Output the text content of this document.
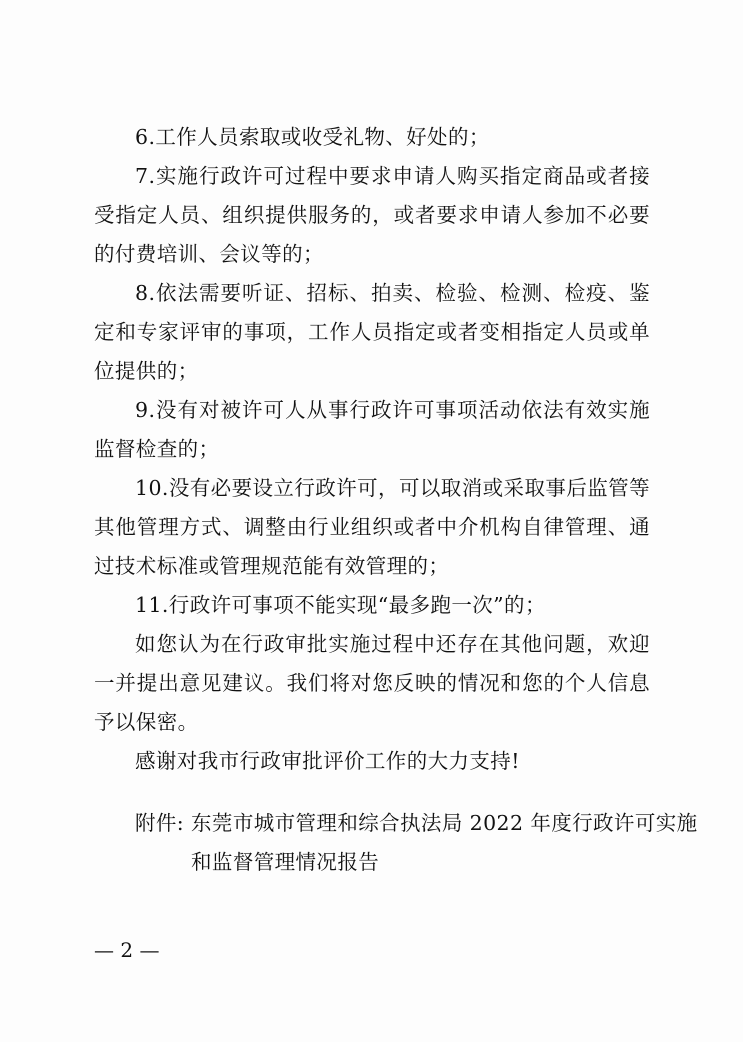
6.工作人员索取或收受礼物、好处的；

7.实施行政许可过程中要求申请人购买指定商品或者接受指定人员、组织提供服务的，或者要求申请人参加不必要的付费培训、会议等的；

8.依法需要听证、招标、拍卖、检验、检测、检疫、鉴定和专家评审的事项，工作人员指定或者变相指定人员或单位提供的；

9.没有对被许可人从事行政许可事项活动依法有效实施监督检查的；

10.没有必要设立行政许可，可以取消或采取事后监管等其他管理方式、调整由行业组织或者中介机构自律管理、通过技术标准或管理规范能有效管理的；

11.行政许可事项不能实现“最多跑一次”的；

如您认为在行政审批实施过程中还存在其他问题，欢迎一并提出意见建议。我们将对您反映的情况和您的个人信息予以保密。

感谢对我市行政审批评价工作的大力支持!

附件: 东莞市城市管理和综合执法局 2022 年度行政许可实施和监督管理情况报告
— 2 —
